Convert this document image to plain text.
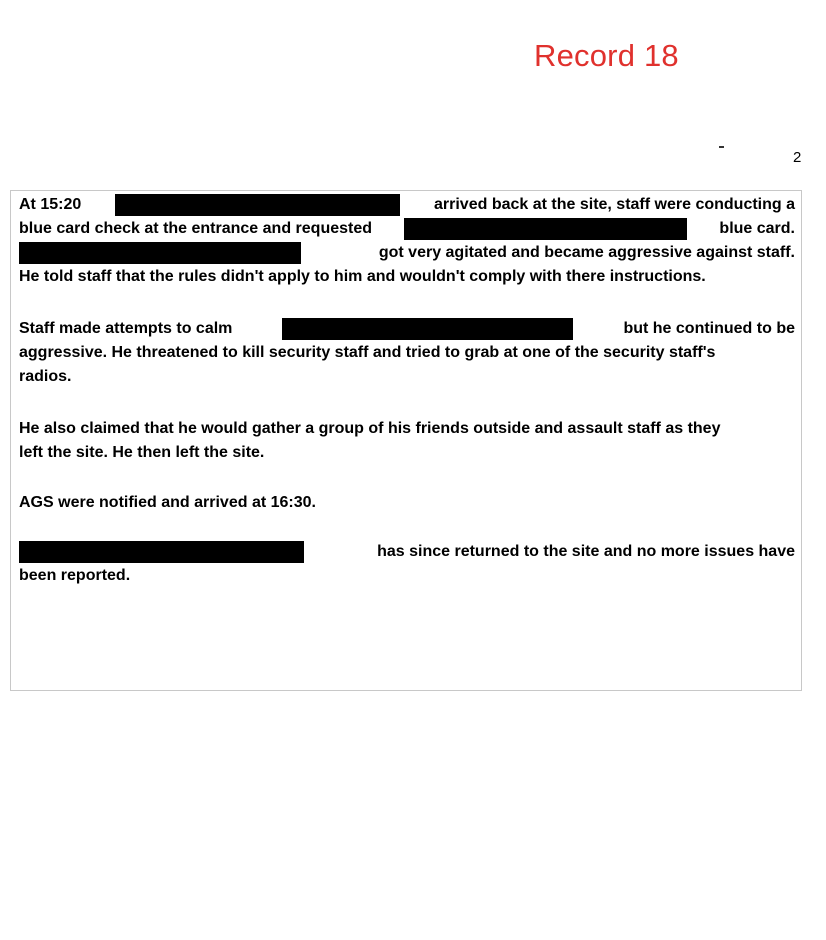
Record 18
2
At 15:20	arrived back at the site, staff were conducting a
blue card check at the entrance and requested	blue card.
got very agitated and became aggressive against staff.
He told staff that the rules didn't apply to him and wouldn't comply with there instructions.
Staff made attempts to calm	but he continued to be
aggressive. He threatened to kill security staff and tried to grab at one of the security staff's
radios.
He also claimed that he would gather a group of his friends outside and assault staff as they
left the site. He then left the site.
AGS were notified and arrived at 16:30.
has since returned to the site and no more issues have
been reported.
